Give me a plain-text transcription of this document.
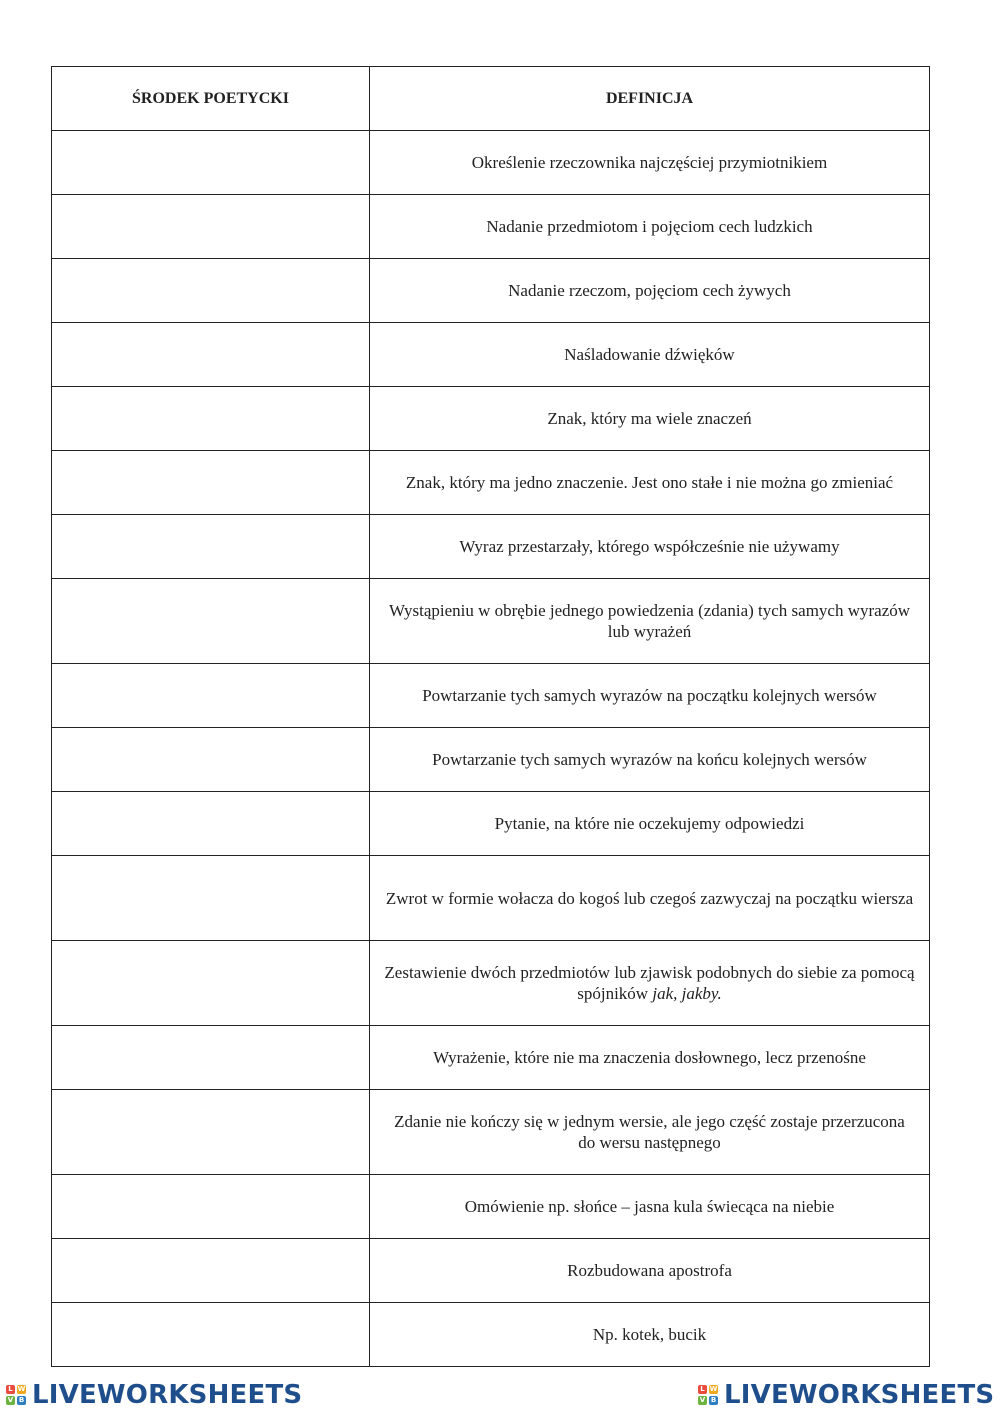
ŚRODEK POETYCKI	DEFINICJA
	Określenie rzeczownika najczęściej przymiotnikiem
	Nadanie przedmiotom i pojęciom cech ludzkich
	Nadanie rzeczom, pojęciom cech żywych
	Naśladowanie dźwięków
	Znak, który ma wiele znaczeń
	Znak, który ma jedno znaczenie. Jest ono stałe i nie można go zmieniać
	Wyraz przestarzały, którego współcześnie nie używamy
	Wystąpieniu w obrębie jednego powiedzenia (zdania) tych samych wyrazów lub wyrażeń
	Powtarzanie tych samych wyrazów na początku kolejnych wersów
	Powtarzanie tych samych wyrazów na końcu kolejnych wersów
	Pytanie, na które nie oczekujemy odpowiedzi
	Zwrot w formie wołacza do kogoś lub czegoś zazwyczaj na początku wiersza
	Zestawienie dwóch przedmiotów lub zjawisk podobnych do siebie za pomocą spójników jak, jakby.
	Wyrażenie, które nie ma znaczenia dosłownego, lecz przenośne
	Zdanie nie kończy się w jednym wersie, ale jego część zostaje przerzucona do wersu następnego
	Omówienie np. słońce – jasna kula świecąca na niebie
	Rozbudowana apostrofa
	Np. kotek, bucik
L W
V B LIVEWORKSHEETS	L W
V B LIVEWORKSHEETS
